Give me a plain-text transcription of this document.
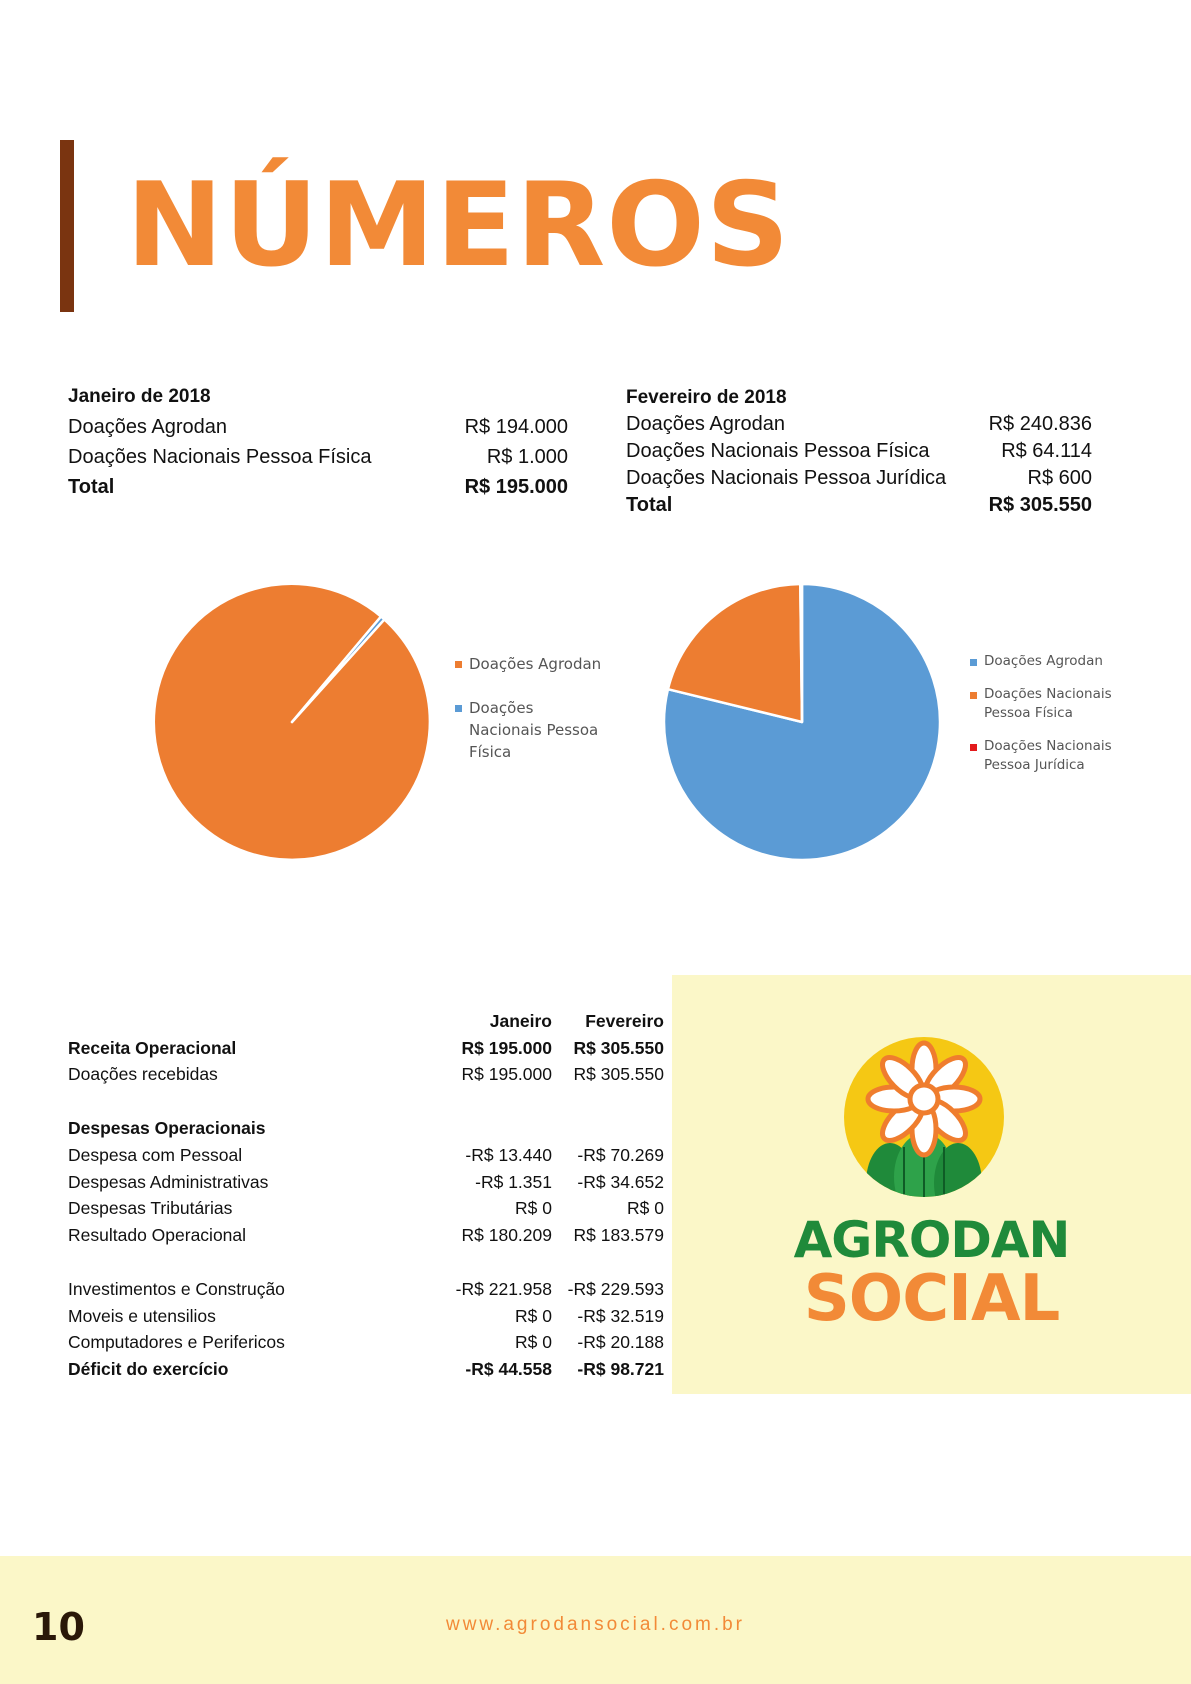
NÚMEROS
Janeiro de 2018	
Doações Agrodan	R$ 194.000
Doações Nacionais Pessoa Física	R$ 1.000
Total	R$ 195.000
Fevereiro de 2018	
Doações Agrodan	R$ 240.836
Doações Nacionais Pessoa Física	R$ 64.114
Doações Nacionais Pessoa Jurídica	R$ 600
Total	R$ 305.550
Doações Agrodan
Doações Nacionais Pessoa Física
Doações Agrodan
Doações Nacionais Pessoa Física
Doações Nacionais Pessoa Jurídica
	Janeiro	Fevereiro
Receita Operacional	R$ 195.000	R$ 305.550
Doações recebidas	R$ 195.000	R$ 305.550

Despesas Operacionais		
Despesa com Pessoal	-R$ 13.440	-R$ 70.269
Despesas Administrativas	-R$ 1.351	-R$ 34.652
Despesas Tributárias	R$ 0	R$ 0
Resultado Operacional	R$ 180.209	R$ 183.579

Investimentos e Construção	-R$ 221.958	-R$ 229.593
Moveis e utensilios	R$ 0	-R$ 32.519
Computadores e Perifericos	R$ 0	-R$ 20.188
Déficit do exercício	-R$ 44.558	-R$ 98.721
AGRODAN
SOCIAL
10	www.agrodansocial.com.br
